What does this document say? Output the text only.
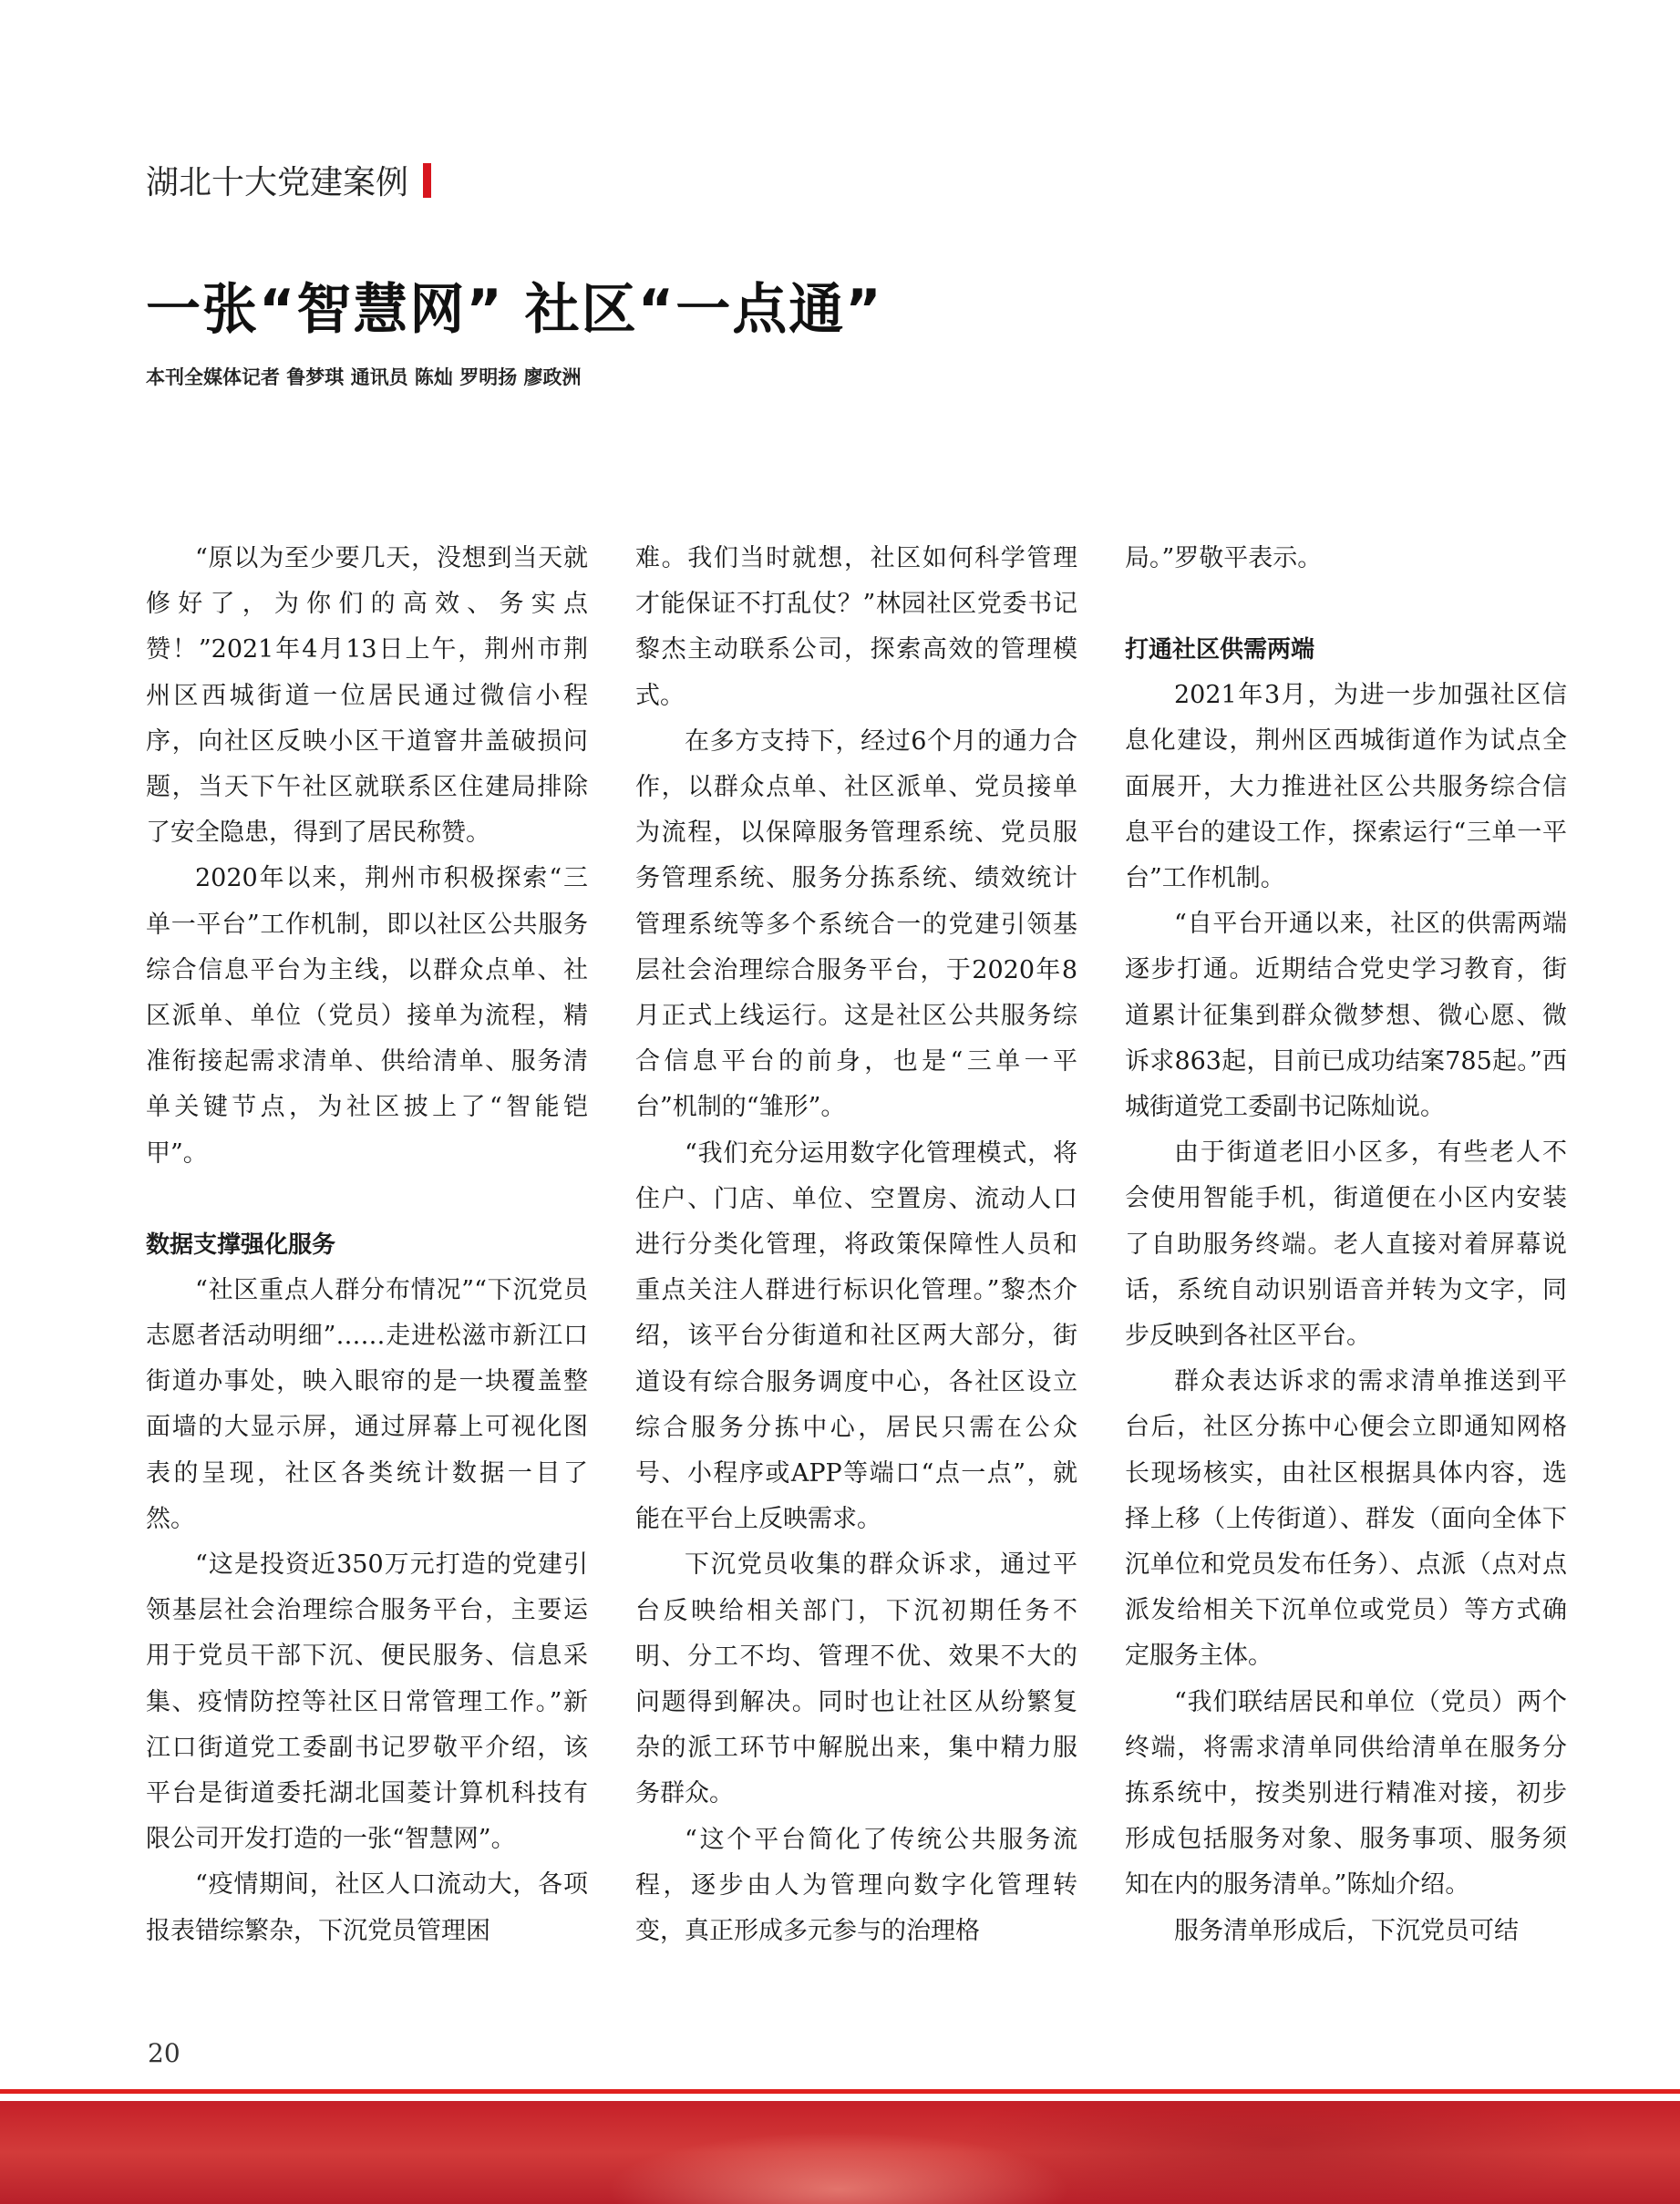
湖北十大党建案例
一张“智慧网” 社区“一点通”
本刊全媒体记者 鲁梦琪 通讯员 陈灿 罗明扬 廖政洲

“原以为至少要几天，没想到当天就修好了，为你们的高效、务实点赞！”2021年4月13日上午，荆州市荆州区西城街道一位居民通过微信小程序，向社区反映小区干道窨井盖破损问题，当天下午社区就联系区住建局排除了安全隐患，得到了居民称赞。

2020年以来，荆州市积极探索“三单一平台”工作机制，即以社区公共服务综合信息平台为主线，以群众点单、社区派单、单位（党员）接单为流程，精准衔接起需求清单、供给清单、服务清单关键节点，为社区披上了“智能铠甲”。

数据支撑强化服务

“社区重点人群分布情况”“下沉党员志愿者活动明细”……走进松滋市新江口街道办事处，映入眼帘的是一块覆盖整面墙的大显示屏，通过屏幕上可视化图表的呈现，社区各类统计数据一目了然。

“这是投资近350万元打造的党建引领基层社会治理综合服务平台，主要运用于党员干部下沉、便民服务、信息采集、疫情防控等社区日常管理工作。”新江口街道党工委副书记罗敬平介绍，该平台是街道委托湖北国菱计算机科技有限公司开发打造的一张“智慧网”。

“疫情期间，社区人口流动大，各项报表错综繁杂，下沉党员管理困

难。我们当时就想，社区如何科学管理才能保证不打乱仗？”林园社区党委书记黎杰主动联系公司，探索高效的管理模式。

在多方支持下，经过6个月的通力合作，以群众点单、社区派单、党员接单为流程，以保障服务管理系统、党员服务管理系统、服务分拣系统、绩效统计管理系统等多个系统合一的党建引领基层社会治理综合服务平台，于2020年8月正式上线运行。这是社区公共服务综合信息平台的前身，也是“三单一平台”机制的“雏形”。

“我们充分运用数字化管理模式，将住户、门店、单位、空置房、流动人口进行分类化管理，将政策保障性人员和重点关注人群进行标识化管理。”黎杰介绍，该平台分街道和社区两大部分，街道设有综合服务调度中心，各社区设立综合服务分拣中心，居民只需在公众号、小程序或APP等端口“点一点”，就能在平台上反映需求。

下沉党员收集的群众诉求，通过平台反映给相关部门，下沉初期任务不明、分工不均、管理不优、效果不大的问题得到解决。同时也让社区从纷繁复杂的派工环节中解脱出来，集中精力服务群众。

“这个平台简化了传统公共服务流程，逐步由人为管理向数字化管理转变，真正形成多元参与的治理格

局。”罗敬平表示。

打通社区供需两端

2021年3月，为进一步加强社区信息化建设，荆州区西城街道作为试点全面展开，大力推进社区公共服务综合信息平台的建设工作，探索运行“三单一平台”工作机制。

“自平台开通以来，社区的供需两端逐步打通。近期结合党史学习教育，街道累计征集到群众微梦想、微心愿、微诉求863起，目前已成功结案785起。”西城街道党工委副书记陈灿说。

由于街道老旧小区多，有些老人不会使用智能手机，街道便在小区内安装了自助服务终端。老人直接对着屏幕说话，系统自动识别语音并转为文字，同步反映到各社区平台。

群众表达诉求的需求清单推送到平台后，社区分拣中心便会立即通知网格长现场核实，由社区根据具体内容，选择上移（上传街道）、群发（面向全体下沉单位和党员发布任务）、点派（点对点派发给相关下沉单位或党员）等方式确定服务主体。

“我们联结居民和单位（党员）两个终端，将需求清单同供给清单在服务分拣系统中，按类别进行精准对接，初步形成包括服务对象、服务事项、服务须知在内的服务清单。”陈灿介绍。

服务清单形成后，下沉党员可结

20
